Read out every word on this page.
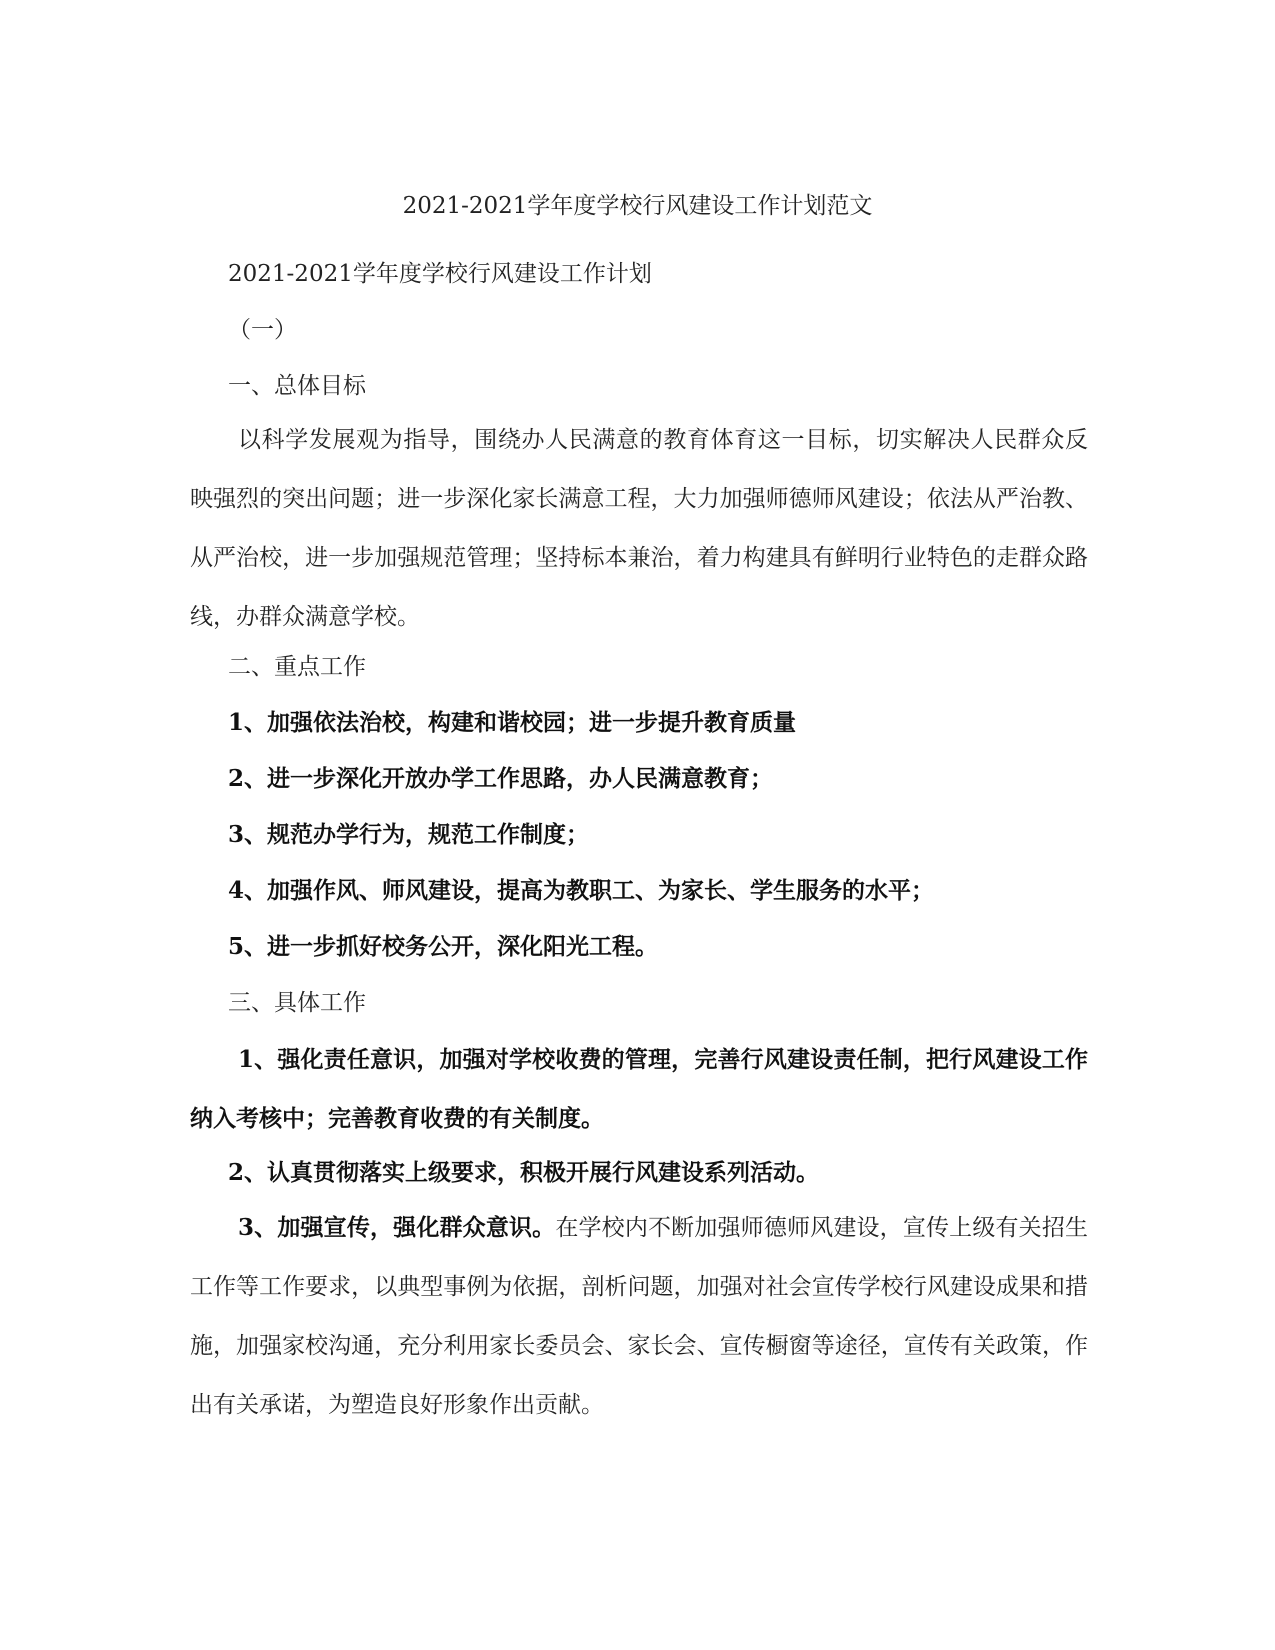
2021-2021学年度学校行风建设工作计划范文
2021-2021学年度学校行风建设工作计划
（一）
一、总体目标

以科学发展观为指导，围绕办人民满意的教育体育这一目标，切实解决人民群众反映强烈的突出问题；进一步深化家长满意工程，大力加强师德师风建设；依法从严治教、从严治校，进一步加强规范管理；坚持标本兼治，着力构建具有鲜明行业特色的走群众路线，办群众满意学校。

二、重点工作
1、加强依法治校，构建和谐校园；进一步提升教育质量
2、进一步深化开放办学工作思路，办人民满意教育；
3、规范办学行为，规范工作制度；
4、加强作风、师风建设，提高为教职工、为家长、学生服务的水平；
5、进一步抓好校务公开，深化阳光工程。
三、具体工作

1、强化责任意识，加强对学校收费的管理，完善行风建设责任制，把行风建设工作纳入考核中；完善教育收费的有关制度。

2、认真贯彻落实上级要求，积极开展行风建设系列活动。

3、加强宣传，强化群众意识。在学校内不断加强师德师风建设，宣传上级有关招生工作等工作要求，以典型事例为依据，剖析问题，加强对社会宣传学校行风建设成果和措施，加强家校沟通，充分利用家长委员会、家长会、宣传橱窗等途径，宣传有关政策，作出有关承诺，为塑造良好形象作出贡献。
